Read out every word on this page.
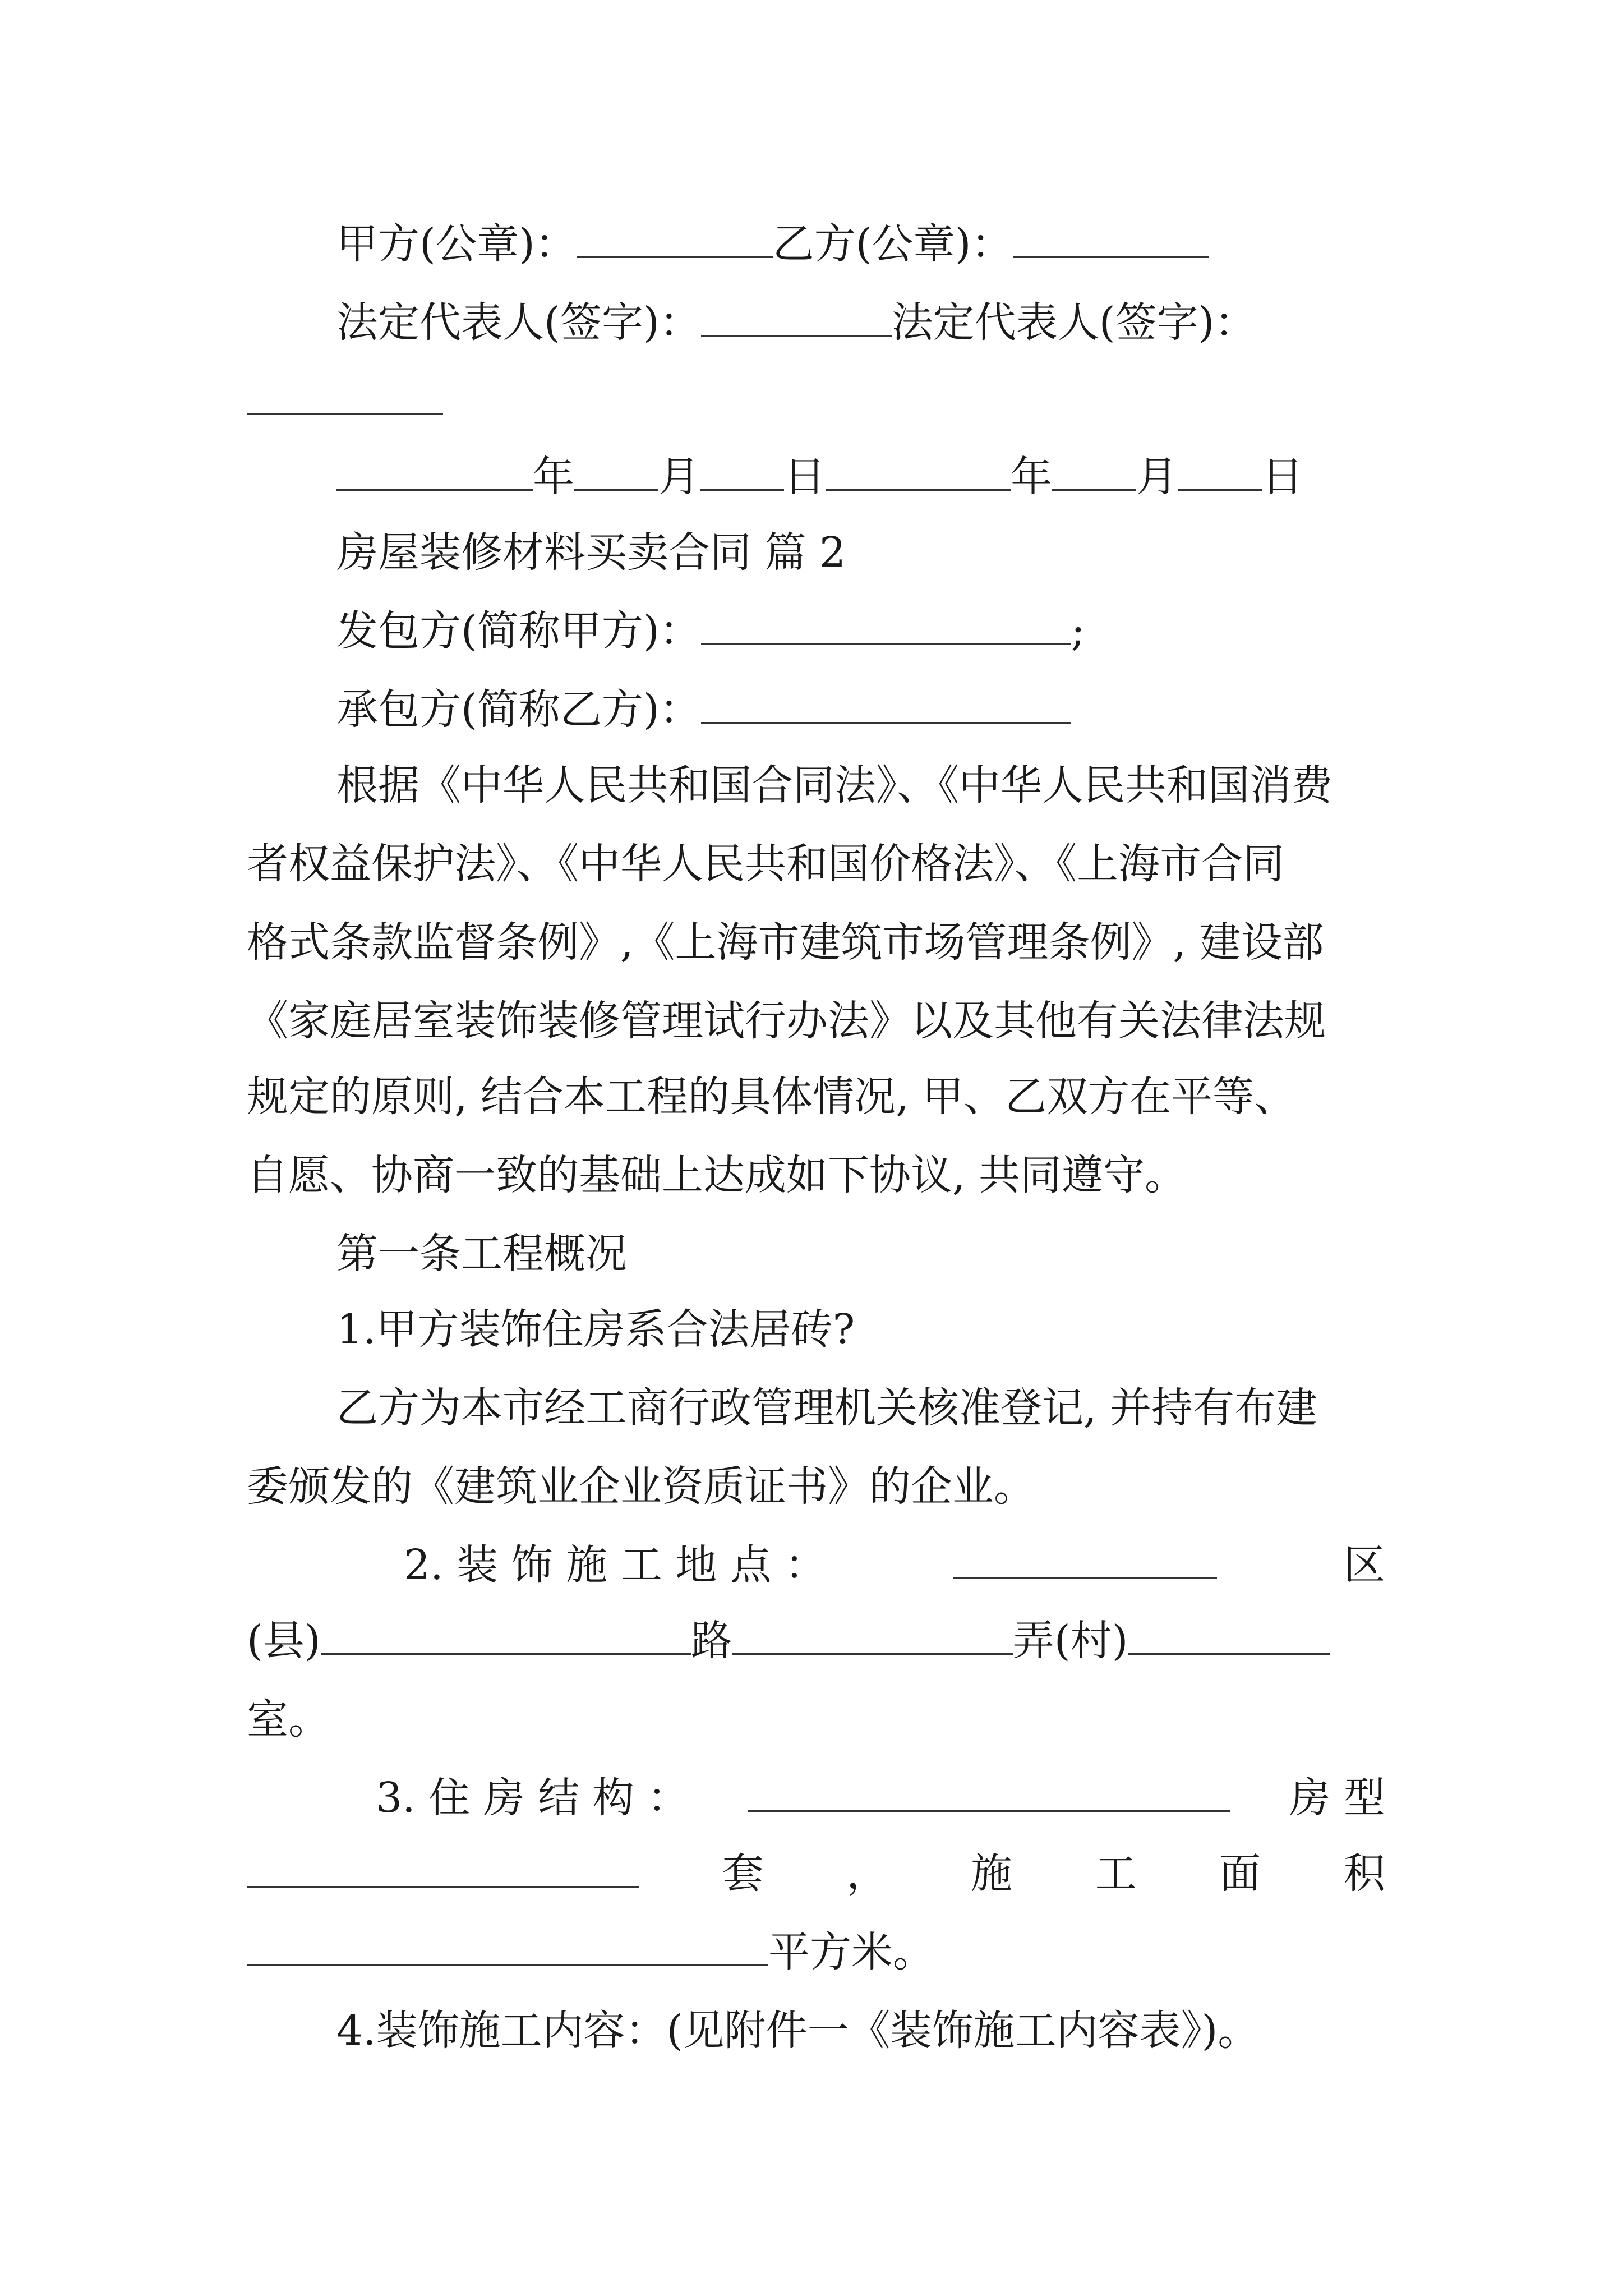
甲方(公章)：	乙方(公章)：
法定代表人(签字)：	法定代表人(签字)：
年 月 日	年 月 日
房屋装修材料买卖合同 篇 2
发包方(简称甲方)：	;
承包方(简称乙方)：
根据《中华人民共和国合同法》、《中华人民共和国消费
者权益保护法》、《中华人民共和国价格法》、《上海市合同
格式条款监督条例》,《上海市建筑市场管理条例》, 建设部
《家庭居室装饰装修管理试行办法》以及其他有关法律法规
规定的原则, 结合本工程的具体情况, 甲、乙双方在平等、
自愿、协商一致的基础上达成如下协议, 共同遵守。
第一条工程概况
1.甲方装饰住房系合法居砖?
乙方为本市经工商行政管理机关核准登记, 并持有布建
委颁发的《建筑业企业资质证书》的企业。
2. 装 饰 施 工 地 点 ：	区
(县)	路	弄(村)
室。
3. 住 房 结 构 ：	房 型
套 ， 施 工 面 积
平方米。
4.装饰施工内容：(见附件一《装饰施工内容表》)。
